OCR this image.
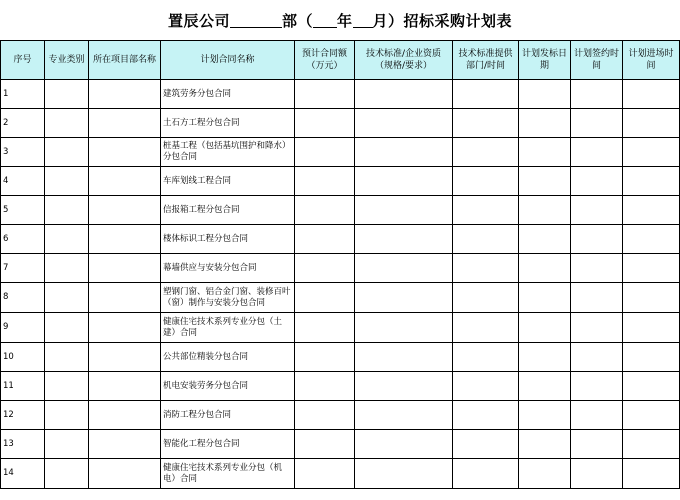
置辰公司	部（ 年 月） 招标采购计划表
序号	专业类别	所在项目部名称	计划合同名称	预计合同额（万元）	技术标准/企业资质（规格/要求）	技术标准提供部门/时间	计划发标日期	计划签约时间	计划进场时间
1			建筑劳务分包合同						
2			土石方工程分包合同						
3			桩基工程（包括基坑围护和降水）分包合同						
4			车库划线工程合同						
5			信报箱工程分包合同						
6			楼体标识工程分包合同						
7			幕墙供应与安装分包合同						
8			塑钢门窗、铝合金门窗、装修百叶（窗）制作与安装分包合同						
9			健康住宅技术系列专业分包（土建）合同						
10			公共部位精装分包合同						
11			机电安装劳务分包合同						
12			消防工程分包合同						
13			智能化工程分包合同						
14			健康住宅技术系列专业分包（机电）合同						
